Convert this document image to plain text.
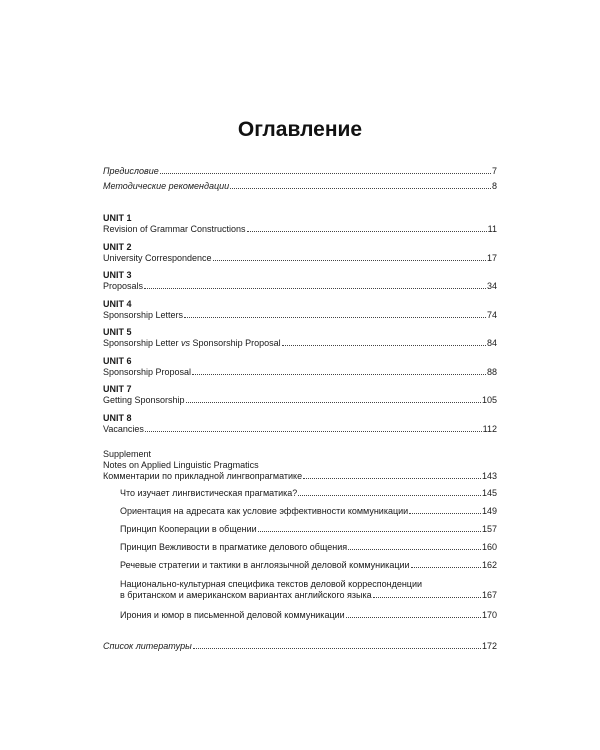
Оглавление
Предисловие	7
Методические рекомендации	8
UNIT 1
Revision of Grammar Constructions	11
UNIT 2
University Correspondence	17
UNIT 3
Proposals	34
UNIT 4
Sponsorship Letters	74
UNIT 5
Sponsorship Letter vs Sponsorship Proposal	84
UNIT 6
Sponsorship Proposal	88
UNIT 7
Getting Sponsorship	105
UNIT 8
Vacancies	112
Supplement
Notes on Applied Linguistic Pragmatics
Комментарии по прикладной лингвопрагматике	143
Что изучает лингвистическая прагматика?	145
Ориентация на адресата как условие эффективности коммуникации	149
Принцип Кооперации в общении	157
Принцип Вежливости в прагматике делового общения	160
Речевые стратегии и тактики в англоязычной деловой коммуникации	162
Национально-культурная специфика текстов деловой корреспонденции
в британском и американском вариантах английского языка	167
Ирония и юмор в письменной деловой коммуникации	170
Список литературы	172
